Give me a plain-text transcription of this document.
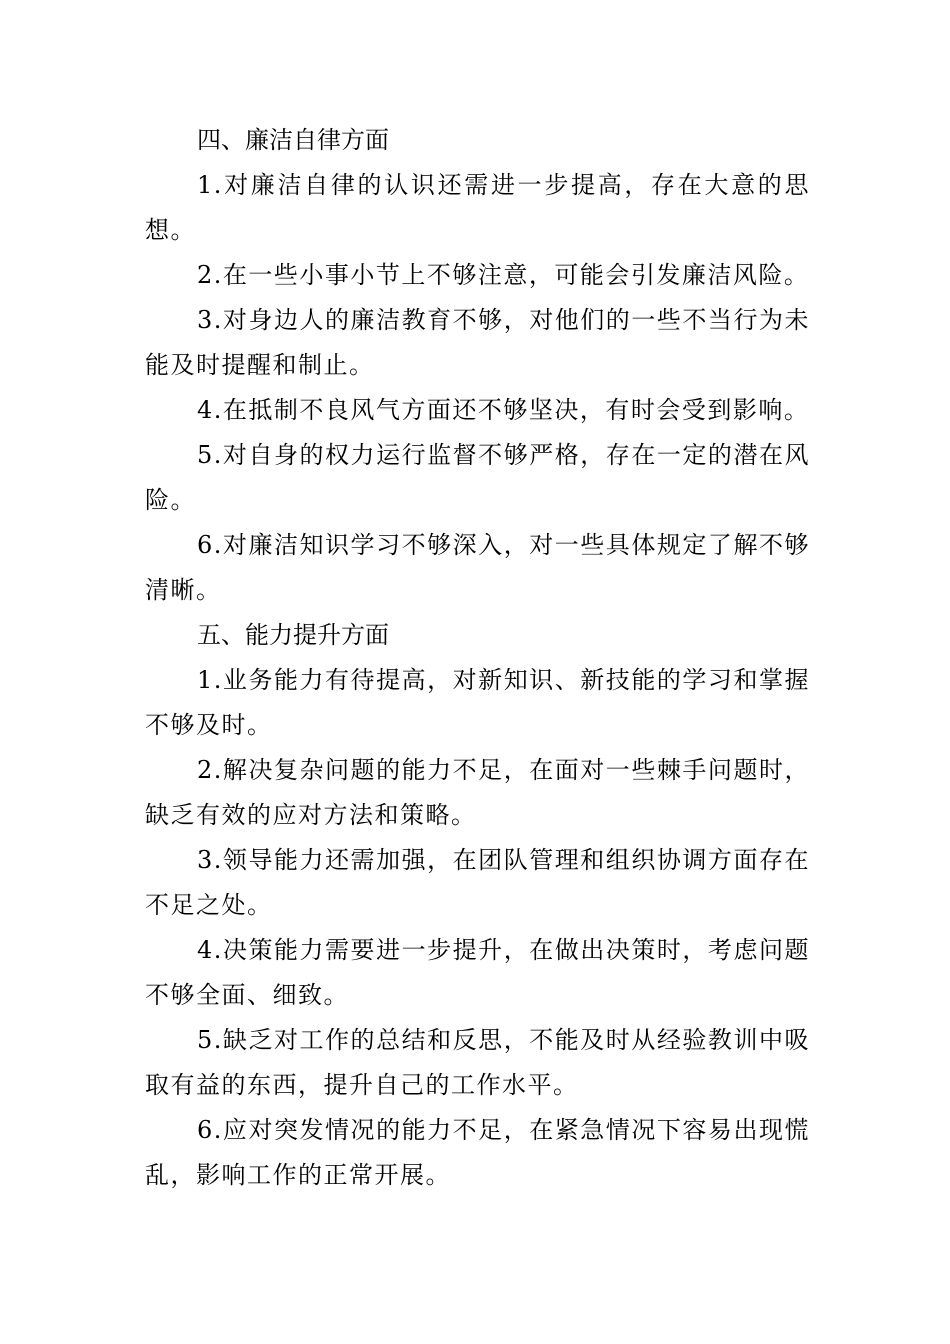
四、廉洁自律方面

1.对廉洁自律的认识还需进一步提高，存在大意的思想。

2.在一些小事小节上不够注意，可能会引发廉洁风险。

3.对身边人的廉洁教育不够，对他们的一些不当行为未能及时提醒和制止。

4.在抵制不良风气方面还不够坚决，有时会受到影响。

5.对自身的权力运行监督不够严格，存在一定的潜在风险。

6.对廉洁知识学习不够深入，对一些具体规定了解不够清晰。

五、能力提升方面

1.业务能力有待提高，对新知识、新技能的学习和掌握不够及时。

2.解决复杂问题的能力不足，在面对一些棘手问题时，缺乏有效的应对方法和策略。

3.领导能力还需加强，在团队管理和组织协调方面存在不足之处。

4.决策能力需要进一步提升，在做出决策时，考虑问题不够全面、细致。

5.缺乏对工作的总结和反思，不能及时从经验教训中吸取有益的东西，提升自己的工作水平。

6.应对突发情况的能力不足，在紧急情况下容易出现慌乱，影响工作的正常开展。
